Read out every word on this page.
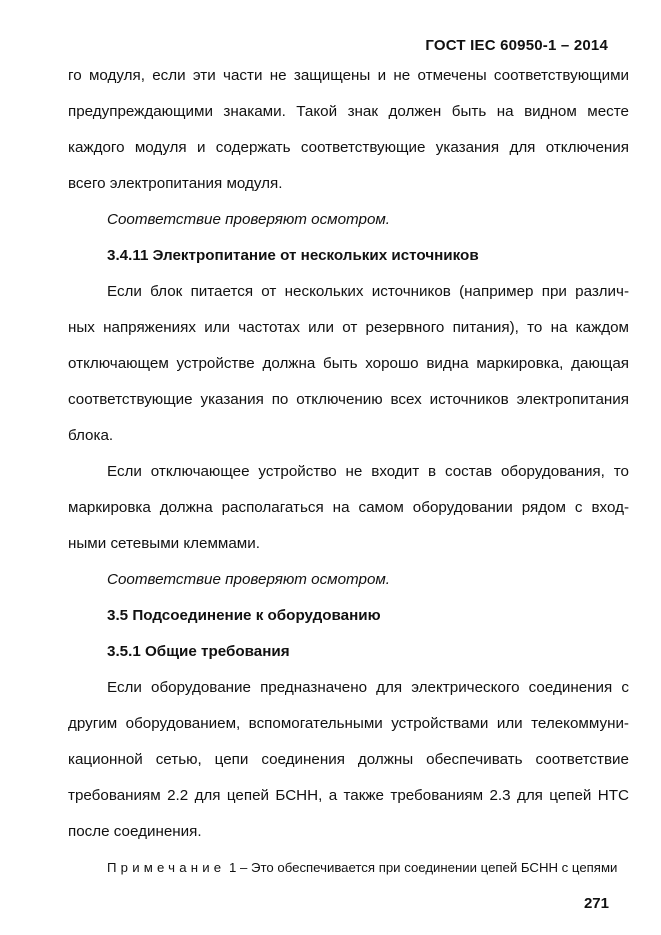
ГОСТ IEC 60950-1 – 2014
го модуля, если эти части не защищены и не отмечены соответствующими
предупреждающими знаками. Такой знак должен быть на видном месте
каждого модуля и содержать соответствующие указания для отключения
всего электропитания модуля.
Соответствие проверяют осмотром.
3.4.11 Электропитание от нескольких источников
Если блок питается от нескольких источников (например при различ-
ных напряжениях или частотах или от резервного питания), то на каждом
отключающем устройстве должна быть хорошо видна маркировка, дающая
соответствующие указания по отключению всех источников электропитания
блока.
Если отключающее устройство не входит в состав оборудования, то
маркировка должна располагаться на самом оборудовании рядом с вход-
ными сетевыми клеммами.
Соответствие проверяют осмотром.
3.5 Подсоединение к оборудованию
3.5.1 Общие требования
Если оборудование предназначено для электрического соединения с
другим оборудованием, вспомогательными устройствами или телекоммуни-
кационной сетью, цепи соединения должны обеспечивать соответствие
требованиям 2.2 для цепей БСНН, а также требованиям 2.3 для цепей НТС
после соединения.
Примечание 1 – Это обеспечивается при соединении цепей БСНН с цепями
271
